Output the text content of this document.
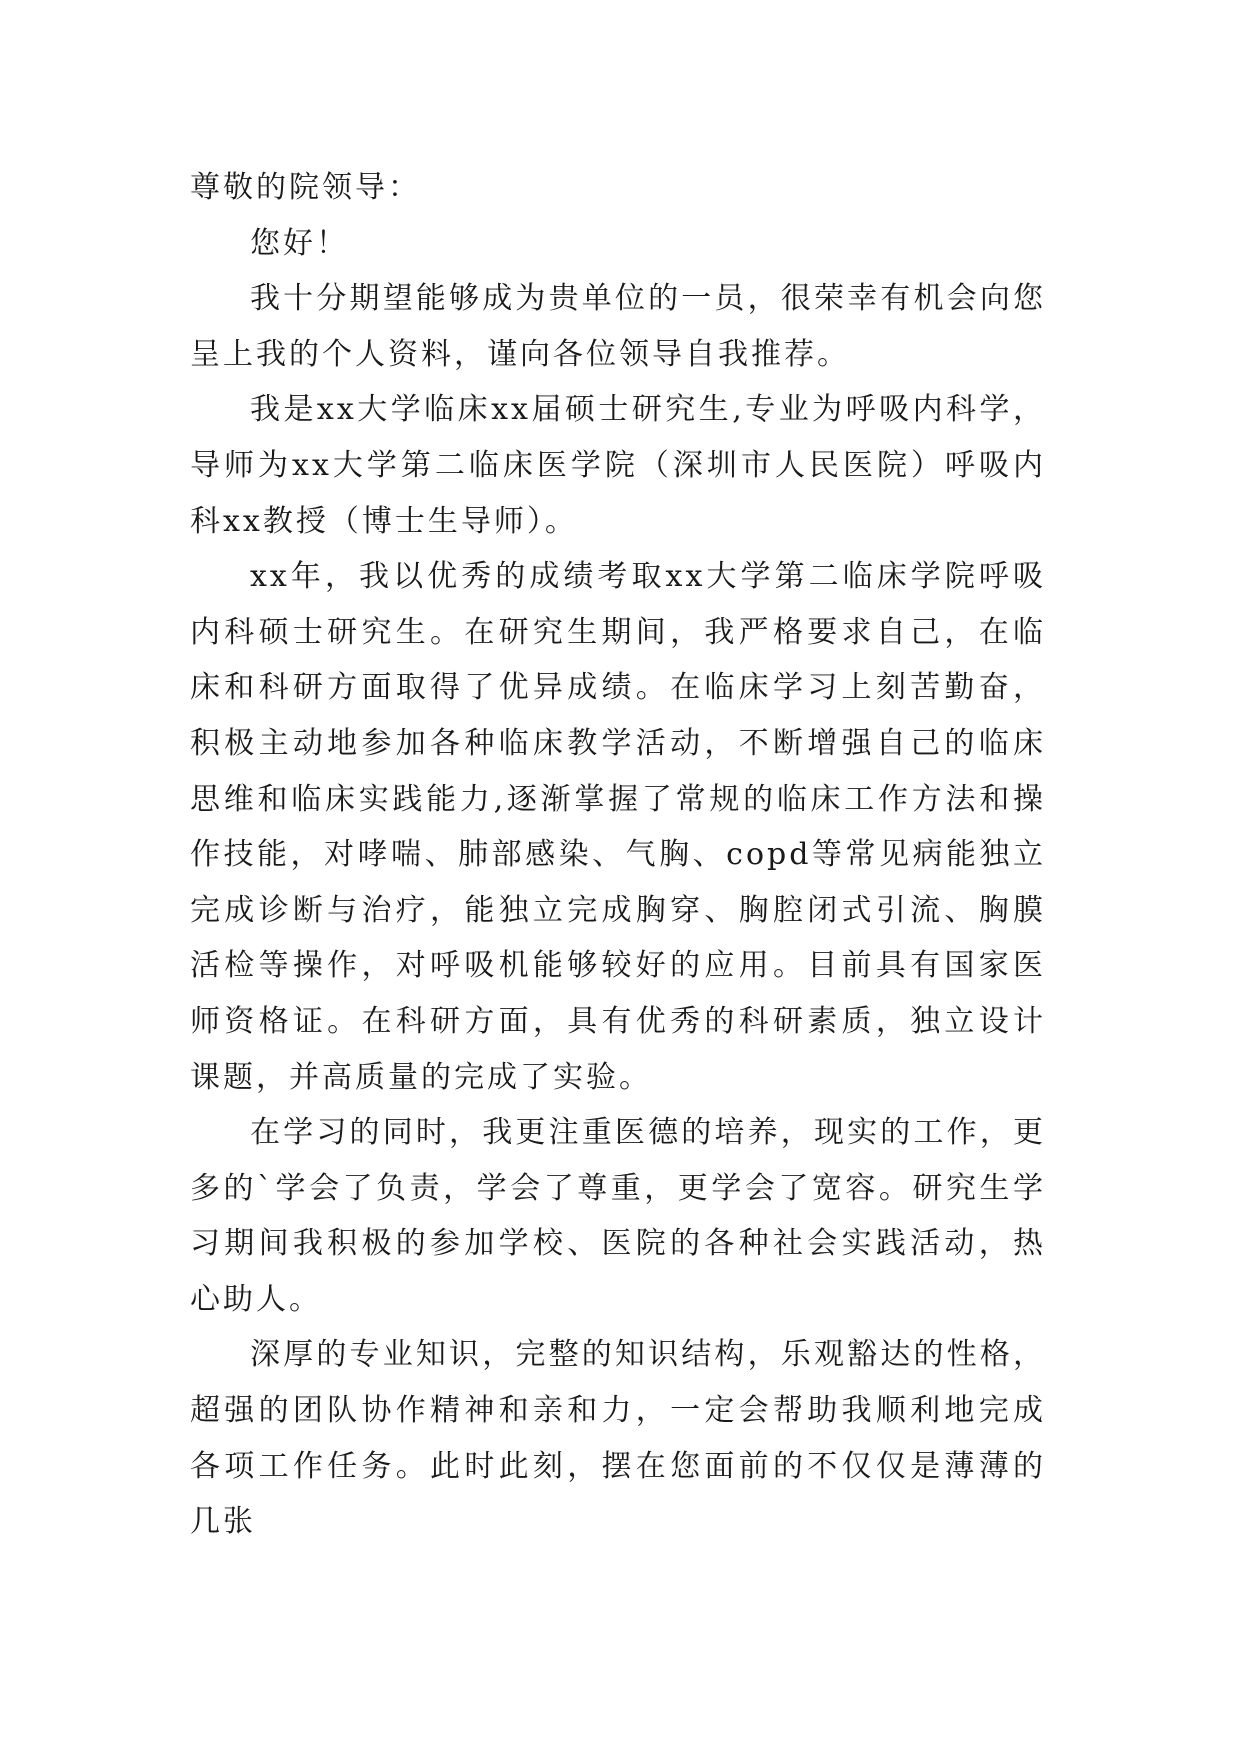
尊敬的院领导：

您好！

我十分期望能够成为贵单位的一员，很荣幸有机会向您呈上我的个人资料，谨向各位领导自我推荐。

我是xx大学临床xx届硕士研究生,专业为呼吸内科学，导师为xx大学第二临床医学院（深圳市人民医院）呼吸内科xx教授（博士生导师）。

xx年，我以优秀的成绩考取xx大学第二临床学院呼吸内科硕士研究生。在研究生期间，我严格要求自己，在临床和科研方面取得了优异成绩。在临床学习上刻苦勤奋，积极主动地参加各种临床教学活动，不断增强自己的临床思维和临床实践能力,逐渐掌握了常规的临床工作方法和操作技能，对哮喘、肺部感染、气胸、copd等常见病能独立完成诊断与治疗，能独立完成胸穿、胸腔闭式引流、胸膜活检等操作，对呼吸机能够较好的应用。目前具有国家医师资格证。在科研方面，具有优秀的科研素质，独立设计课题，并高质量的完成了实验。

在学习的同时，我更注重医德的培养，现实的工作，更多的`学会了负责，学会了尊重，更学会了宽容。研究生学习期间我积极的参加学校、医院的各种社会实践活动，热心助人。

深厚的专业知识，完整的知识结构，乐观豁达的性格，超强的团队协作精神和亲和力，一定会帮助我顺利地完成各项工作任务。此时此刻，摆在您面前的不仅仅是薄薄的几张
